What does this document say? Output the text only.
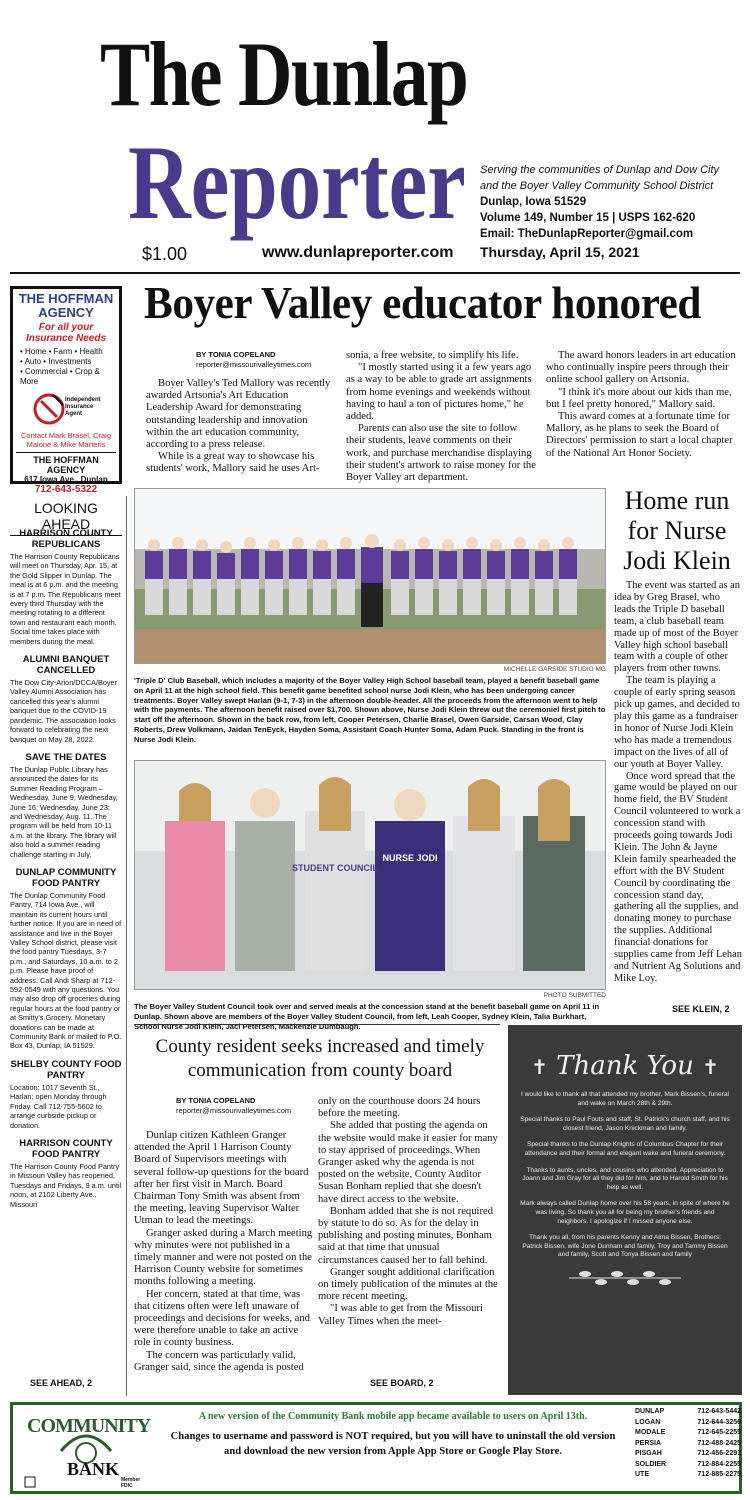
The Dunlap
Reporter
$1.00	www.dunlapreporter.com
Serving the communities of Dunlap and Dow City
and the Boyer Valley Community School District
Dunlap, Iowa 51529
Volume 149, Number 15 | USPS 162-620
Email: TheDunlapReporter@gmail.com
Thursday, April 15, 2021
THE HOFFMAN AGENCY
For all your Insurance Needs
• Home • Farm • Health
• Auto • Investments
• Commercial • Crop & More
Independent Insurance Agent
Contact Mark Brasel, Craig Malone & Mike Martens
THE HOFFMAN AGENCY
617 Iowa Ave., Dunlap
712-643-5322
Boyer Valley educator honored
BY TONIA COPELAND
reporter@missourivalleytimes.com

Boyer Valley's Ted Mallory was recently awarded Artsonia's Art Education Leadership Award for demonstrating outstanding leadership and innovation within the art education community, according to a press release.

While is a great way to showcase his students' work, Mallory said he uses Art-

sonia, a free website, to simplify his life.

"I mostly started using it a few years ago as a way to be able to grade art assignments from home evenings and weekends without having to haul a ton of pictures home," he added.

Parents can also use the site to follow their students, leave comments on their work, and purchase merchandise displaying their student's artwork to raise money for the Boyer Valley art department.

The award honors leaders in art education who continually inspire peers through their online school gallery on Artsonia.

"I think it's more about our kids than me, but I feel pretty honored," Mallory said.

This award comes at a fortunate time for Mallory, as he plans to seek the Board of Directors' permission to start a local chapter of the National Art Honor Society.

LOOKING AHEAD
HARRISON COUNTY REPUBLICANS

The Harrison County Republicans will meet on Thursday, Apr. 15, at the Gold Slipper in Dunlap. The meal is at 6 p.m. and the meeting is at 7 p.m. The Republicans meet every third Thursday with the meeting rotating to a different town and restaurant each month. Social time takes place with members during the meal.

ALUMNI BANQUET CANCELLED

The Dow City-Arion/DCCA/Boyer Valley Alumni Association has cancelled this year's alumni banquet due to the COVID-19 pandemic. The association looks forward to celebrating the next banquet on May 28, 2022.

SAVE THE DATES

The Dunlap Public Library has announced the dates for its Summer Reading Program – Wednesday, June 9; Wednesday, June 16; Wednesday, June 23; and Wednesday, Aug. 11. The program will be held from 10-11 a.m. at the library. The library will also hold a summer reading challenge starting in July.

DUNLAP COMMUNITY FOOD PANTRY

The Dunlap Community Food Pantry, 714 Iowa Ave., will maintain its current hours until further notice. If you are in need of assistance and live in the Boyer Valley School district, please visit the food pantry Tuesdays, 3-7 p.m., and Saturdays, 10 a.m. to 2 p.m. Please have proof of address. Call Andi Sharp at 712-592-0549 with any questions. You may also drop off groceries during regular hours at the food pantry or at Smitty's Grocery. Monetary donations can be made at Community Bank or mailed to P.O. Box 43, Dunlap, IA 51529.

SHELBY COUNTY FOOD PANTRY

Location: 1017 Seventh St., Harlan; open Monday through Friday. Call 712-755-5602 to arrange curbside pickup or donation.

HARRISON COUNTY FOOD PANTRY

The Harrison County Food Pantry in Missouri Valley has reopened, Tuesdays and Fridays, 9 a.m. until noon, at 2102 Liberty Ave., Missouri

SEE AHEAD, 2
MICHELLE GARSIDE STUDIO MG
'Triple D' Club Baseball, which includes a majority of the Boyer Valley High School baseball team, played a benefit baseball game on April 11 at the high school field. This benefit game benefited school nurse Jodi Klein, who has been undergoing cancer treatments. Boyer Valley swept Harlan (9-1, 7-3) in the afternoon double-header. All the proceeds from the afternoon went to help with the payments. The afternoon benefit raised over $1,700. Shown above, Nurse Jodi Klein threw out the ceremoniel first pitch to start off the afternoon. Shown in the back row, from left, Cooper Petersen, Charlie Brasel, Owen Garside, Carsan Wood, Clay Roberts, Drew Volkmann, Jaidan TenEyck, Hayden Soma, Assistant Coach Hunter Soma, Adam Puck. Standing in the front is Nurse Jodi Klein.
STUDENT COUNCIL
NURSE JODI
PHOTO SUBMITTED
The Boyer Valley Student Council took over and served meals at the concession stand at the benefit baseball game on April 11 in Dunlap. Shown above are members of the Boyer Valley Student Council, from left, Leah Cooper, Sydney Klein, Talia Burkhart, School Nurse Jodi Klein, Jaci Petersen, Mackenzie Dumbaugh.
Home run for Nurse Jodi Klein

The event was started as an idea by Greg Brasel, who leads the Triple D baseball team, a club baseball team made up of most of the Boyer Valley high school baseball team with a couple of other players from other towns.

The team is playing a couple of early spring season pick up games, and decided to play this game as a fundraiser in honor of Nurse Jodi Klein who has made a tremendous impact on the lives of all of our youth at Boyer Valley.

Once word spread that the game would be played on our home field, the BV Student Council volunteered to work a concession stand with proceeds going towards Jodi Klein. The John & Jayne Klein family spearheaded the effort with the BV Student Council by coordinating the concession stand day, gathering all the supplies, and donating money to purchase the supplies. Additional financial donations for supplies came from Jeff Lehan and Nutrient Ag Solutions and Mike Loy.

SEE KLEIN, 2
County resident seeks increased and timely communication from county board
BY TONIA COPELAND
reporter@missourivalleytimes.com

Dunlap citizen Kathleen Granger attended the April 1 Harrison County Board of Supervisors meetings with several follow-up questions for the board after her first visit in March. Board Chairman Tony Smith was absent from the meeting, leaving Supervisor Walter Utman to lead the meetings.

Granger asked during a March meeting why minutes were not published in a timely manner and were not posted on the Harrison County website for sometimes months following a meeting.

Her concern, stated at that time, was that citizens often were left unaware of proceedings and decisions for weeks, and were therefore unable to take an active role in county business.

The concern was particularly valid, Granger said, since the agenda is posted

only on the courthouse doors 24 hours before the meeting.

She added that posting the agenda on the website would make it easier for many to stay apprised of proceedings. When Granger asked why the agenda is not posted on the website, County Auditor Susan Bonham replied that she doesn't have direct access to the website.

Bonham added that she is not required by statute to do so. As for the delay in publishing and posting minutes, Bonham said at that time that unusual circumstances caused her to fall behind.

Granger sought additional clarification on timely publication of the minutes at the more recent meeting.

"I was able to get from the Missouri Valley Times when the meet-

SEE BOARD, 2
✝ Thank You ✝

I would like to thank all that attended my brother, Mark Bissen's, funeral and wake on March 28th & 29th.

Special thanks to Paul Fouts and staff, St. Patrick's church staff, and his closest friend, Jason Knickman and family.

Special thanks to the Dunlap Knights of Columbus Chapter for their attendance and their formal and elegant wake and funeral ceremony.

Thanks to aunts, uncles, and cousins who attended. Appreciation to Joann and Jim Gray for all they did for him, and to Harold Smith for his help as well.

Mark always called Dunlap home over his 58 years, in spite of where he was living. So thank you all for being my brother's friends and neighbors. I apologize if I missed anyone else.

Thank you all, from his parents Kenny and Alma Bissen, Brothers: Patrick Bissen, wife Jone Dunham and family, Troy and Tammy Bissen and family, Scott and Tonya Bissen and family

COMMUNITY
BANK
Member FDIC
A new version of the Community Bank mobile app became available to users on April 13th.
Changes to username and password is NOT required, but you will have to uninstall the old version and download the new version from Apple App Store or Google Play Store.
DUNLAP	712-643-5442
LOGAN	712-644-3256
MODALE	712-645-2255
PERSIA	712-488-2425
PISGAH	712-456-2291
SOLDIER	712-884-2255
UTE	712-885-2275
